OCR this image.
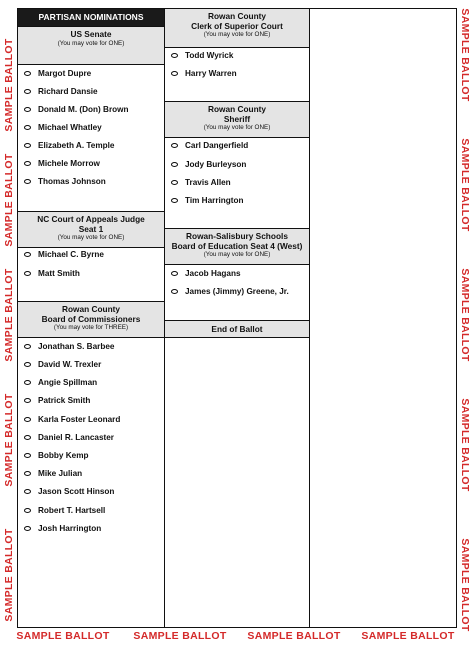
SAMPLE BALLOT
SAMPLE BALLOT
SAMPLE BALLOT
SAMPLE BALLOT
SAMPLE BALLOT
SAMPLE BALLOT
SAMPLE BALLOT
SAMPLE BALLOT
SAMPLE BALLOT
SAMPLE BALLOT
SAMPLE BALLOT SAMPLE BALLOT SAMPLE BALLOT SAMPLE BALLOT
PARTISAN NOMINATIONS
US Senate
(You may vote for ONE)
Margot Dupre
Richard Dansie
Donald M. (Don) Brown
Michael Whatley
Elizabeth A. Temple
Michele Morrow
Thomas Johnson
NC Court of Appeals Judge
Seat 1
(You may vote for ONE)
Michael C. Byrne
Matt Smith
Rowan County
Board of Commissioners
(You may vote for THREE)
Jonathan S. Barbee
David W. Trexler
Angie Spillman
Patrick Smith
Karla Foster Leonard
Daniel R. Lancaster
Bobby Kemp
Mike Julian
Jason Scott Hinson
Robert T. Hartsell
Josh Harrington
Rowan County
Clerk of Superior Court
(You may vote for ONE)
Todd Wyrick
Harry Warren
Rowan County
Sheriff
(You may vote for ONE)
Carl Dangerfield
Jody Burleyson
Travis Allen
Tim Harrington
Rowan-Salisbury Schools
Board of Education Seat 4 (West)
(You may vote for ONE)
Jacob Hagans
James (Jimmy) Greene, Jr.
End of Ballot
